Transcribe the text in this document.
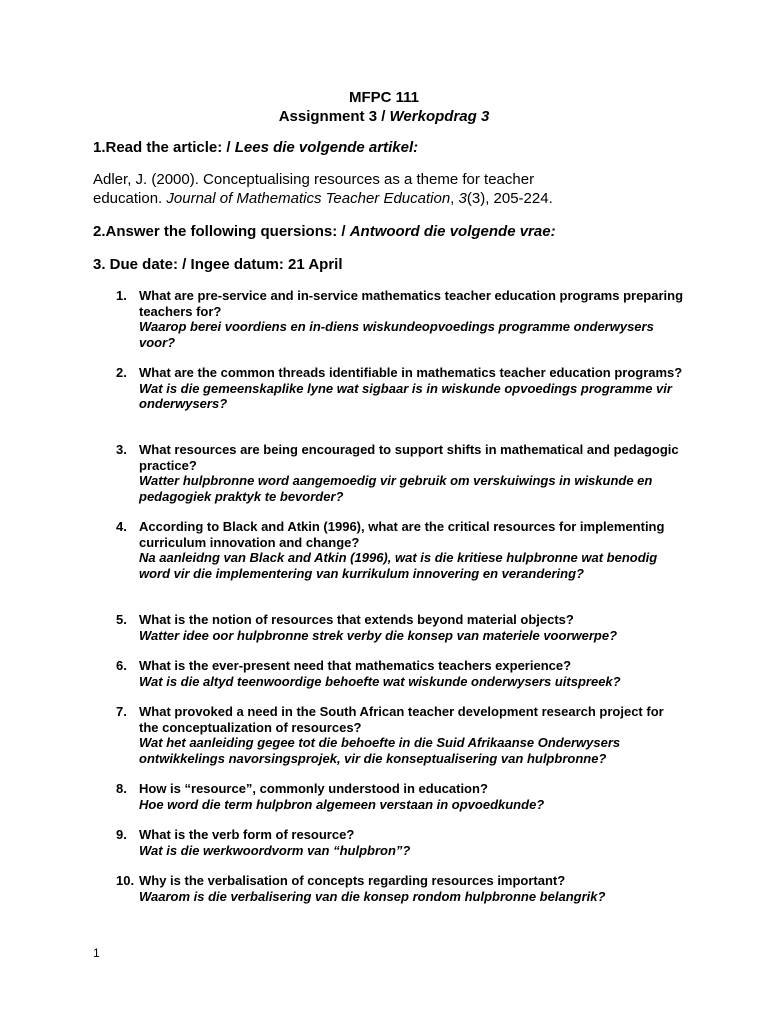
MFPC 111
Assignment 3 / Werkopdrag 3
1.Read the article: / Lees die volgende artikel:
Adler, J. (2000). Conceptualising resources as a theme for teacher
education. Journal of Mathematics Teacher Education, 3(3), 205-224.
2.Answer the following quersions: / Antwoord die volgende vrae:
3. Due date: / Ingee datum: 21 April
1. What are pre-service and in-service mathematics teacher education programs preparing teachers for?
Waarop berei voordiens en in-diens wiskundeopvoedings programme onderwysers voor?
2. What are the common threads identifiable in mathematics teacher education programs?
Wat is die gemeenskaplike lyne wat sigbaar is in wiskunde opvoedings programme vir onderwysers?
3. What resources are being encouraged to support shifts in mathematical and pedagogic practice?
Watter hulpbronne word aangemoedig vir gebruik om verskuiwings in wiskunde en pedagogiek praktyk te bevorder?
4. According to Black and Atkin (1996), what are the critical resources for implementing curriculum innovation and change?
Na aanleidng van Black and Atkin (1996), wat is die kritiese hulpbronne wat benodig word vir die implementering van kurrikulum innovering en verandering?
5. What is the notion of resources that extends beyond material objects?
Watter idee oor hulpbronne strek verby die konsep van materiele voorwerpe?
6. What is the ever-present need that mathematics teachers experience?
Wat is die altyd teenwoordige behoefte wat wiskunde onderwysers uitspreek?
7. What provoked a need in the South African teacher development research project for the conceptualization of resources?
Wat het aanleiding gegee tot die behoefte in die Suid Afrikaanse Onderwysers ontwikkelings navorsingsprojek, vir die konseptualisering van hulpbronne?
8. How is “resource”, commonly understood in education?
Hoe word die term hulpbron algemeen verstaan in opvoedkunde?
9. What is the verb form of resource?
Wat is die werkwoordvorm van “hulpbron”?
10. Why is the verbalisation of concepts regarding resources important?
Waarom is die verbalisering van die konsep rondom hulpbronne belangrik?
1
